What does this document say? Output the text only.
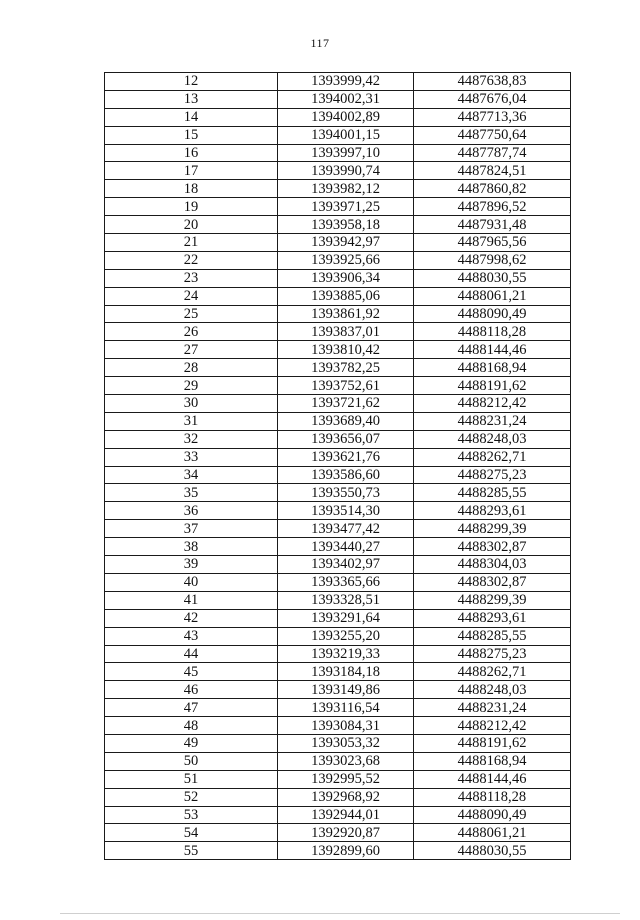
117
12	1393999,42	4487638,83
13	1394002,31	4487676,04
14	1394002,89	4487713,36
15	1394001,15	4487750,64
16	1393997,10	4487787,74
17	1393990,74	4487824,51
18	1393982,12	4487860,82
19	1393971,25	4487896,52
20	1393958,18	4487931,48
21	1393942,97	4487965,56
22	1393925,66	4487998,62
23	1393906,34	4488030,55
24	1393885,06	4488061,21
25	1393861,92	4488090,49
26	1393837,01	4488118,28
27	1393810,42	4488144,46
28	1393782,25	4488168,94
29	1393752,61	4488191,62
30	1393721,62	4488212,42
31	1393689,40	4488231,24
32	1393656,07	4488248,03
33	1393621,76	4488262,71
34	1393586,60	4488275,23
35	1393550,73	4488285,55
36	1393514,30	4488293,61
37	1393477,42	4488299,39
38	1393440,27	4488302,87
39	1393402,97	4488304,03
40	1393365,66	4488302,87
41	1393328,51	4488299,39
42	1393291,64	4488293,61
43	1393255,20	4488285,55
44	1393219,33	4488275,23
45	1393184,18	4488262,71
46	1393149,86	4488248,03
47	1393116,54	4488231,24
48	1393084,31	4488212,42
49	1393053,32	4488191,62
50	1393023,68	4488168,94
51	1392995,52	4488144,46
52	1392968,92	4488118,28
53	1392944,01	4488090,49
54	1392920,87	4488061,21
55	1392899,60	4488030,55
